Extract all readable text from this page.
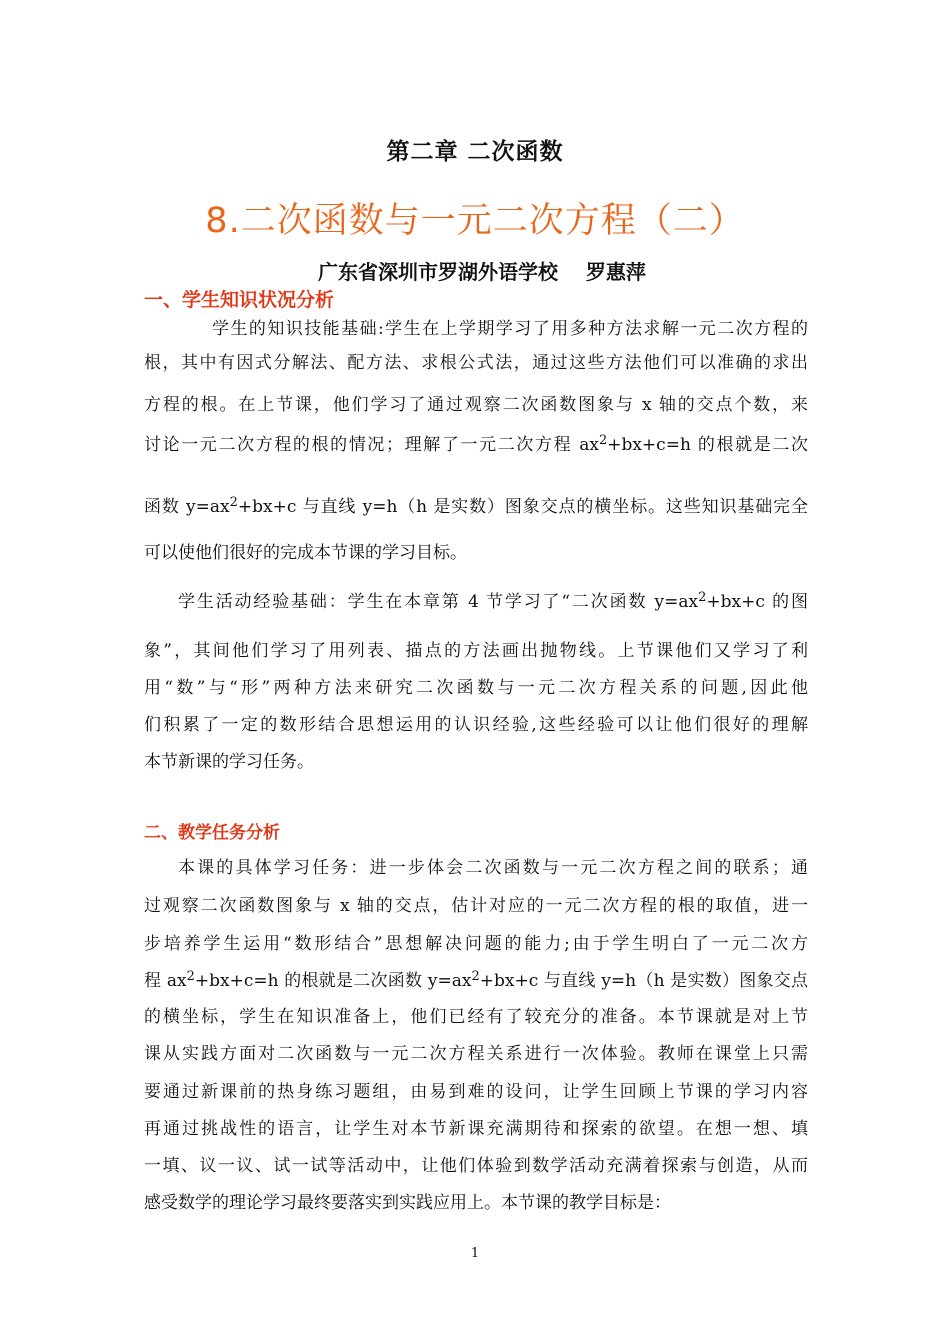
第二章 二次函数
8.二次函数与一元二次方程（二）
广东省深圳市罗湖外语学校    罗惠萍
一、学生知识状况分析
学生的知识技能基础:学生在上学期学习了用多种方法求解一元二次方程的
根，其中有因式分解法、配方法、求根公式法，通过这些方法他们可以准确的求出
方程的根。在上节课，他们学习了通过观察二次函数图象与 x 轴的交点个数，来
讨论一元二次方程的根的情况；理解了一元二次方程 $ax^2+bx+c=h$ 的根就是二次
函数 $y=ax^2+bx+c$ 与直线 y=h（h 是实数）图象交点的横坐标。这些知识基础完全
可以使他们很好的完成本节课的学习目标。
学生活动经验基础：学生在本章第 4 节学习了“二次函数 $y=ax^2+bx+c$ 的图
象”，其间他们学习了用列表、描点的方法画出抛物线。上节课他们又学习了利
用“数”与“形”两种方法来研究二次函数与一元二次方程关系的问题,因此他
们积累了一定的数形结合思想运用的认识经验,这些经验可以让他们很好的理解
本节新课的学习任务。
二、教学任务分析
本课的具体学习任务：进一步体会二次函数与一元二次方程之间的联系；通
过观察二次函数图象与 x 轴的交点，估计对应的一元二次方程的根的取值，进一
步培养学生运用“数形结合”思想解决问题的能力;由于学生明白了一元二次方
程 $ax^2+bx+c=h$ 的根就是二次函数 $y=ax^2+bx+c$ 与直线 y=h（h 是实数）图象交点
的横坐标，学生在知识准备上，他们已经有了较充分的准备。本节课就是对上节
课从实践方面对二次函数与一元二次方程关系进行一次体验。教师在课堂上只需
要通过新课前的热身练习题组，由易到难的设问，让学生回顾上节课的学习内容
再通过挑战性的语言，让学生对本节新课充满期待和探索的欲望。在想一想、填
一填、议一议、试一试等活动中，让他们体验到数学活动充满着探索与创造，从而
感受数学的理论学习最终要落实到实践应用上。本节课的教学目标是：
1
